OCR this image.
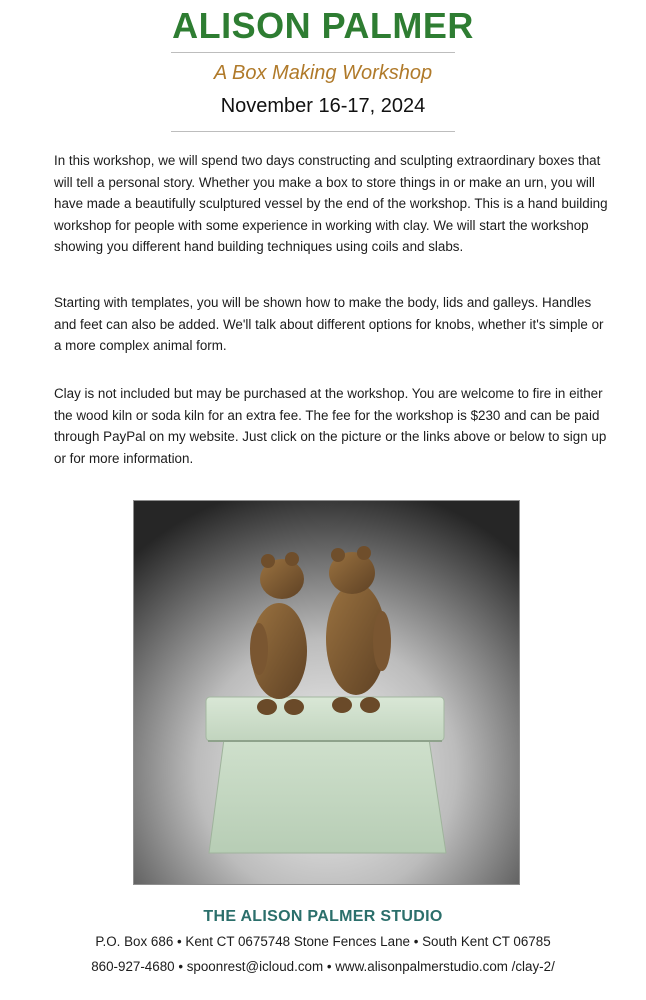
ALISON PALMER
A Box Making Workshop
November 16-17, 2024

In this workshop, we will spend two days constructing and sculpting extraordinary boxes that will tell a personal story. Whether you make a box to store things in or make an urn, you will have made a beautifully sculptured vessel by the end of the workshop. This is a hand building workshop for people with some experience in working with clay. We will start the workshop showing you different hand building techniques using coils and slabs.

Starting with templates, you will be shown how to make the body, lids and galleys. Handles and feet can also be added. We'll talk about different options for knobs, whether it's simple or a more complex animal form.

Clay is not included but may be purchased at the workshop. You are welcome to fire in either the wood kiln or soda kiln for an extra fee. The fee for the workshop is $230 and can be paid through PayPal on my website. Just click on the picture or the links above or below to sign up or for more information.

THE ALISON PALMER STUDIO
P.O. Box 686 • Kent CT 0675748 Stone Fences Lane • South Kent CT 06785
860-927-4680 • spoonrest@icloud.com • www.alisonpalmerstudio.com /clay-2/
